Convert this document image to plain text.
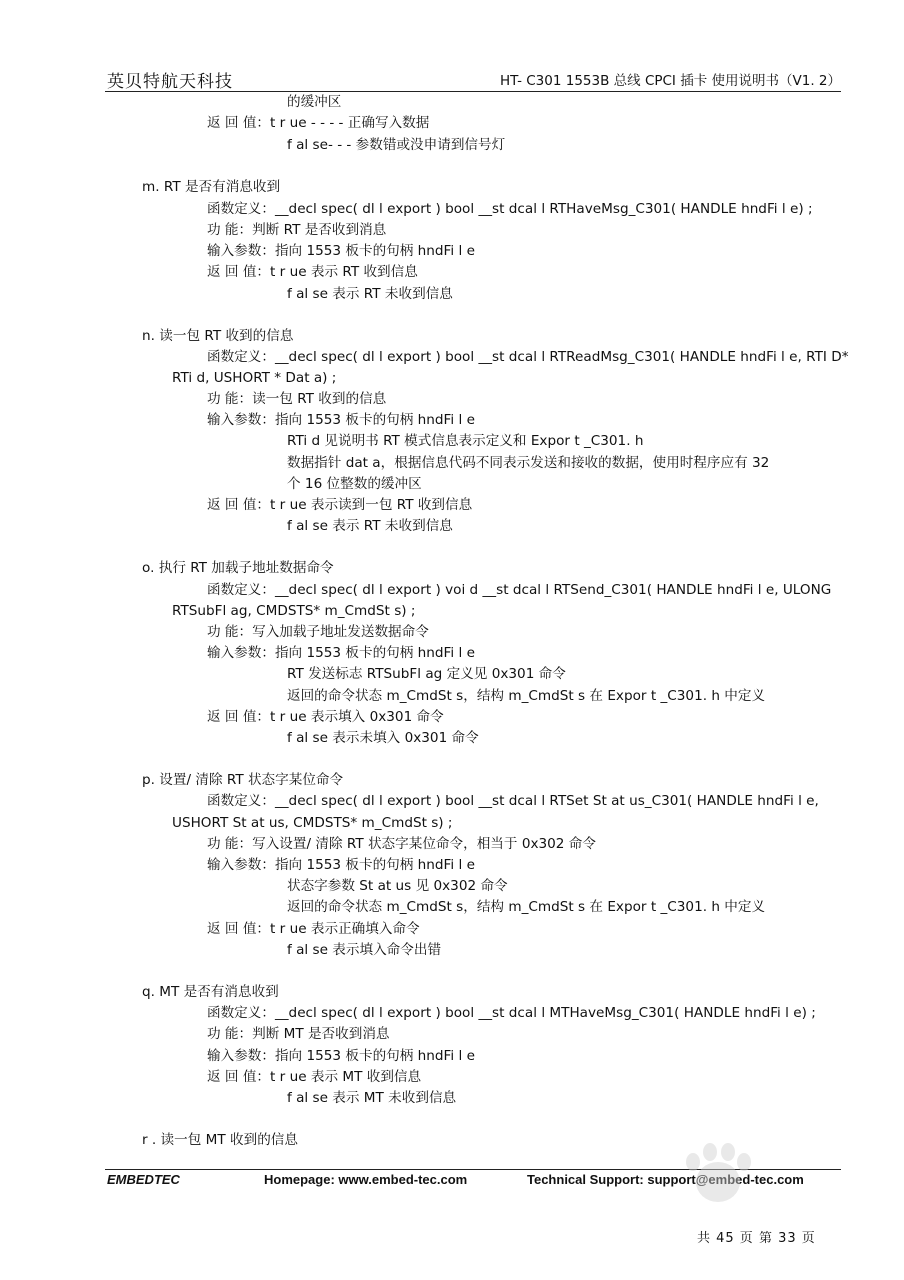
英贝特航天科技	HT- C301 1553B 总线 CPCI 插卡 使用说明书（V1. 2）
的缓冲区
返 回 值：t r ue - - - - 正确写入数据
f al se- - - 参数错或没申请到信号灯
m. RT 是否有消息收到
函数定义：__decl spec( dl l export ) bool __st dcal l RTHaveMsg_C301( HANDLE hndFi l e) ;
功 能：判断 RT 是否收到消息
输入参数：指向 1553 板卡的句柄 hndFi l e
返 回 值：t r ue 表示 RT 收到信息
f al se 表示 RT 未收到信息
n. 读一包 RT 收到的信息
函数定义：__decl spec( dl l export ) bool __st dcal l RTReadMsg_C301( HANDLE hndFi l e, RTI D*
RTi d, USHORT * Dat a) ;
功 能：读一包 RT 收到的信息
输入参数：指向 1553 板卡的句柄 hndFi l e
RTi d 见说明书 RT 模式信息表示定义和 Expor t _C301. h
数据指针 dat a，根据信息代码不同表示发送和接收的数据，使用时程序应有 32
个 16 位整数的缓冲区
返 回 值：t r ue 表示读到一包 RT 收到信息
f al se 表示 RT 未收到信息
o. 执行 RT 加载子地址数据命令
函数定义：__decl spec( dl l export ) voi d __st dcal l RTSend_C301( HANDLE hndFi l e, ULONG
RTSubFl ag, CMDSTS* m_CmdSt s) ;
功 能：写入加载子地址发送数据命令
输入参数：指向 1553 板卡的句柄 hndFi l e
RT 发送标志 RTSubFl ag 定义见 0x301 命令
返回的命令状态 m_CmdSt s，结构 m_CmdSt s 在 Expor t _C301. h 中定义
返 回 值：t r ue 表示填入 0x301 命令
f al se 表示未填入 0x301 命令
p. 设置/ 清除 RT 状态字某位命令
函数定义：__decl spec( dl l export ) bool __st dcal l RTSet St at us_C301( HANDLE hndFi l e,
USHORT St at us, CMDSTS* m_CmdSt s) ;
功 能：写入设置/ 清除 RT 状态字某位命令，相当于 0x302 命令
输入参数：指向 1553 板卡的句柄 hndFi l e
状态字参数 St at us 见 0x302 命令
返回的命令状态 m_CmdSt s，结构 m_CmdSt s 在 Expor t _C301. h 中定义
返 回 值：t r ue 表示正确填入命令
f al se 表示填入命令出错
q. MT 是否有消息收到
函数定义：__decl spec( dl l export ) bool __st dcal l MTHaveMsg_C301( HANDLE hndFi l e) ;
功 能：判断 MT 是否收到消息
输入参数：指向 1553 板卡的句柄 hndFi l e
返 回 值：t r ue 表示 MT 收到信息
f al se 表示 MT 未收到信息
r . 读一包 MT 收到的信息
EMBEDTEC	Homepage: www.embed-tec.com	Technical Support: support@embed-tec.com
共 45 页 第 33 页
